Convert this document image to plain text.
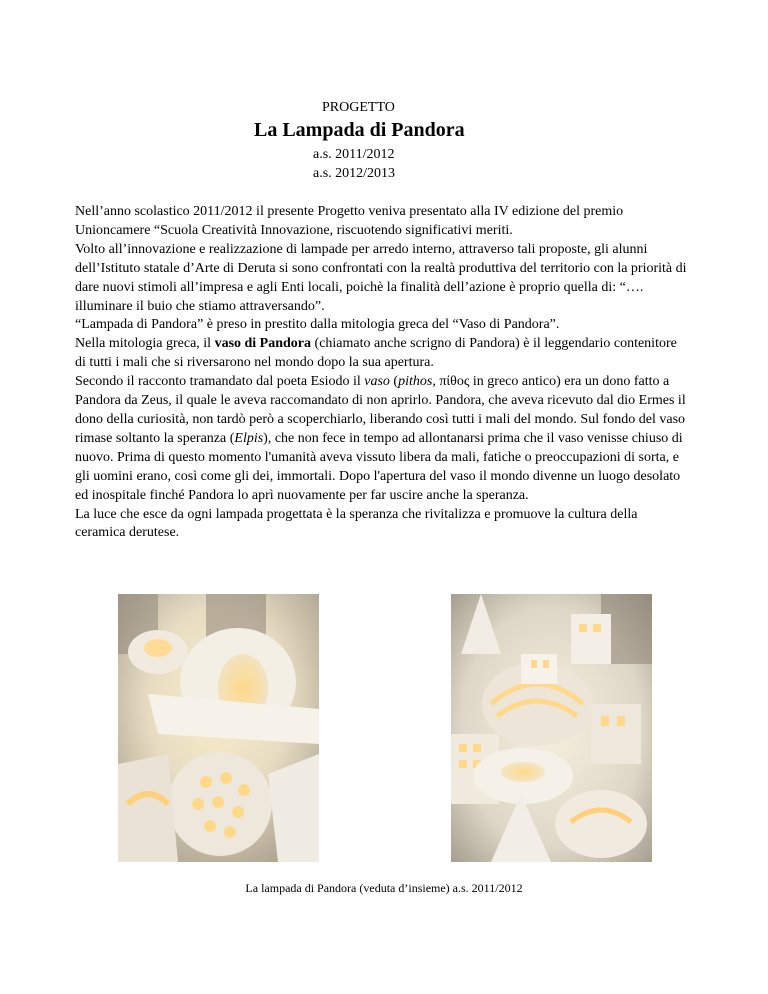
PROGETTO
La Lampada di Pandora
a.s. 2011/2012
a.s. 2012/2013

Nell’anno scolastico 2011/2012 il presente Progetto veniva presentato alla IV edizione del premio Unioncamere “Scuola Creatività Innovazione, riscuotendo significativi meriti.

Volto all’innovazione e realizzazione di lampade per arredo interno, attraverso tali proposte, gli alunni dell’Istituto statale d’Arte di Deruta si sono confrontati con la realtà produttiva del territorio con la priorità di dare nuovi stimoli all’impresa e agli Enti locali, poichè la finalità dell’azione è proprio quella di: “…. illuminare il buio che stiamo attraversando”.

“Lampada di Pandora” è preso in prestito dalla mitologia greca del “Vaso di Pandora”.

Nella mitologia greca, il vaso di Pandora (chiamato anche scrigno di Pandora) è il leggendario contenitore di tutti i mali che si riversarono nel mondo dopo la sua apertura.

Secondo il racconto tramandato dal poeta Esiodo il vaso (pithos, πίθος in greco antico) era un dono fatto a Pandora da Zeus, il quale le aveva raccomandato di non aprirlo. Pandora, che aveva ricevuto dal dio Ermes il dono della curiosità, non tardò però a scoperchiarlo, liberando così tutti i mali del mondo. Sul fondo del vaso rimase soltanto la speranza (Elpis), che non fece in tempo ad allontanarsi prima che il vaso venisse chiuso di nuovo. Prima di questo momento l'umanità aveva vissuto libera da mali, fatiche o preoccupazioni di sorta, e gli uomini erano, così come gli dei, immortali. Dopo l'apertura del vaso il mondo divenne un luogo desolato ed inospitale finché Pandora lo aprì nuovamente per far uscire anche la speranza.

La luce che esce da ogni lampada progettata è la speranza che rivitalizza e promuove la cultura della ceramica derutese.

La lampada di Pandora (veduta d’insieme) a.s. 2011/2012
